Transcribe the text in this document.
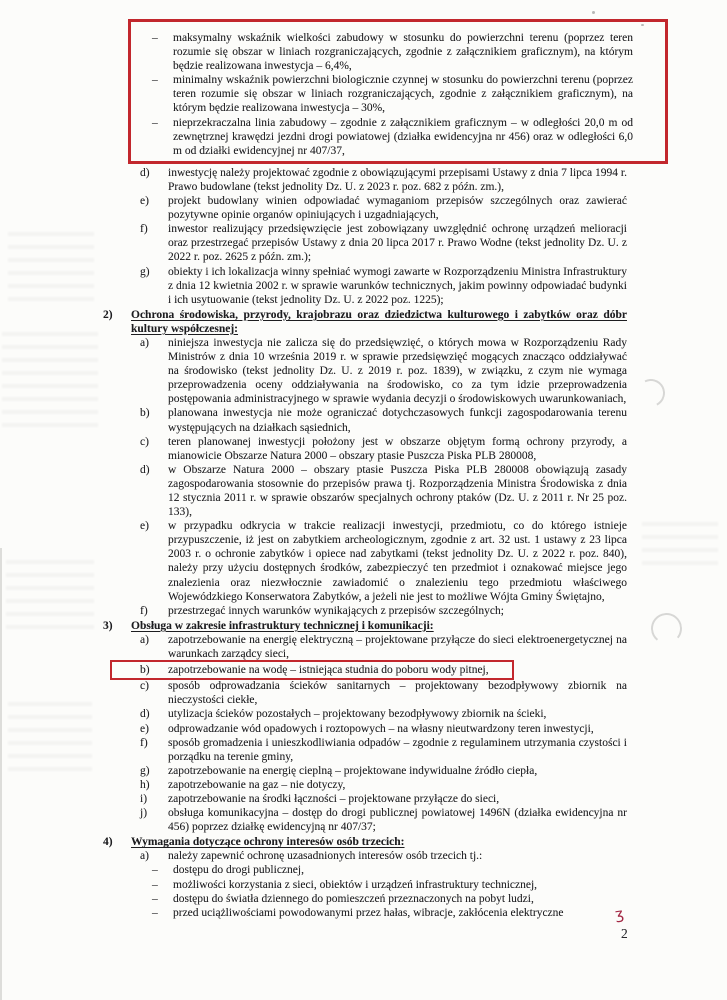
–	maksymalny wskaźnik wielkości zabudowy w stosunku do powierzchni terenu (poprzez teren rozumie się obszar w liniach rozgraniczających, zgodnie z załącznikiem graficznym), na którym będzie realizowana inwestycja – 6,4%,
–	minimalny wskaźnik powierzchni biologicznie czynnej w stosunku do powierzchni terenu (poprzez teren rozumie się obszar w liniach rozgraniczających, zgodnie z załącznikiem graficznym), na którym będzie realizowana inwestycja – 30%,
–	nieprzekraczalna linia zabudowy – zgodnie z załącznikiem graficznym – w odległości 20,0 m od zewnętrznej krawędzi jezdni drogi powiatowej (działka ewidencyjna nr 456) oraz w odległości 6,0 m od działki ewidencyjnej nr 407/37,
d)	inwestycję należy projektować zgodnie z obowiązującymi przepisami Ustawy z dnia 7 lipca 1994 r. Prawo budowlane (tekst jednolity Dz. U. z 2023 r. poz. 682 z późn. zm.),
e)	projekt budowlany winien odpowiadać wymaganiom przepisów szczególnych oraz zawierać pozytywne opinie organów opiniujących i uzgadniających,
f)	inwestor realizujący przedsięwzięcie jest zobowiązany uwzględnić ochronę urządzeń melioracji oraz przestrzegać przepisów Ustawy z dnia 20 lipca 2017 r. Prawo Wodne (tekst jednolity Dz. U. z 2022 r. poz. 2625 z późn. zm.);
g)	obiekty i ich lokalizacja winny spełniać wymogi zawarte w Rozporządzeniu Ministra Infrastruktury z dnia 12 kwietnia 2002 r. w sprawie warunków technicznych, jakim powinny odpowiadać budynki i ich usytuowanie (tekst jednolity Dz. U. z 2022 poz. 1225);
2)	Ochrona środowiska, przyrody, krajobrazu oraz dziedzictwa kulturowego i zabytków oraz dóbr kultury współczesnej:
a)	niniejsza inwestycja nie zalicza się do przedsięwzięć, o których mowa w Rozporządzeniu Rady Ministrów z dnia 10 września 2019 r. w sprawie przedsięwzięć mogących znacząco oddziaływać na środowisko (tekst jednolity Dz. U. z 2019 r. poz. 1839), w związku, z czym nie wymaga przeprowadzenia oceny oddziaływania na środowisko, co za tym idzie przeprowadzenia postępowania administracyjnego w sprawie wydania decyzji o środowiskowych uwarunkowaniach,
b)	planowana inwestycja nie może ograniczać dotychczasowych funkcji zagospodarowania terenu występujących na działkach sąsiednich,
c)	teren planowanej inwestycji położony jest w obszarze objętym formą ochrony przyrody, a mianowicie Obszarze Natura 2000 – obszary ptasie Puszcza Piska PLB 280008,
d)	w Obszarze Natura 2000 – obszary ptasie Puszcza Piska PLB 280008 obowiązują zasady zagospodarowania stosownie do przepisów prawa tj. Rozporządzenia Ministra Środowiska z dnia 12 stycznia 2011 r. w sprawie obszarów specjalnych ochrony ptaków (Dz. U. z 2011 r. Nr 25 poz. 133),
e)	w przypadku odkrycia w trakcie realizacji inwestycji, przedmiotu, co do którego istnieje przypuszczenie, iż jest on zabytkiem archeologicznym, zgodnie z art. 32 ust. 1 ustawy z 23 lipca 2003 r. o ochronie zabytków i opiece nad zabytkami (tekst jednolity Dz. U. z 2022 r. poz. 840), należy przy użyciu dostępnych środków, zabezpieczyć ten przedmiot i oznakować miejsce jego znalezienia oraz niezwłocznie zawiadomić o znalezieniu tego przedmiotu właściwego Wojewódzkiego Konserwatora Zabytków, a jeżeli nie jest to możliwe Wójta Gminy Świętajno,
f)	przestrzegać innych warunków wynikających z przepisów szczególnych;
3)	Obsługa w zakresie infrastruktury technicznej i komunikacji:
a)	zapotrzebowanie na energię elektryczną – projektowane przyłącze do sieci elektroenergetycznej na warunkach zarządcy sieci,
b)	zapotrzebowanie na wodę – istniejąca studnia do poboru wody pitnej,
c)	sposób odprowadzania ścieków sanitarnych – projektowany bezodpływowy zbiornik na nieczystości ciekłe,
d)	utylizacja ścieków pozostałych – projektowany bezodpływowy zbiornik na ścieki,
e)	odprowadzanie wód opadowych i roztopowych – na własny nieutwardzony teren inwestycji,
f)	sposób gromadzenia i unieszkodliwiania odpadów – zgodnie z regulaminem utrzymania czystości i porządku na terenie gminy,
g)	zapotrzebowanie na energię cieplną – projektowane indywidualne źródło ciepła,
h)	zapotrzebowanie na gaz – nie dotyczy,
i)	zapotrzebowanie na środki łączności – projektowane przyłącze do sieci,
j)	obsługa komunikacyjna – dostęp do drogi publicznej powiatowej 1496N (działka ewidencyjna nr 456) poprzez działkę ewidencyjną nr 407/37;
4)	Wymagania dotyczące ochrony interesów osób trzecich:
a)	należy zapewnić ochronę uzasadnionych interesów osób trzecich tj.:
–	dostępu do drogi publicznej,
–	możliwości korzystania z sieci, obiektów i urządzeń infrastruktury technicznej,
–	dostępu do światła dziennego do pomieszczeń przeznaczonych na pobyt ludzi,
–	przed uciążliwościami powodowanymi przez hałas, wibracje, zakłócenia elektryczne	ʒ
2
